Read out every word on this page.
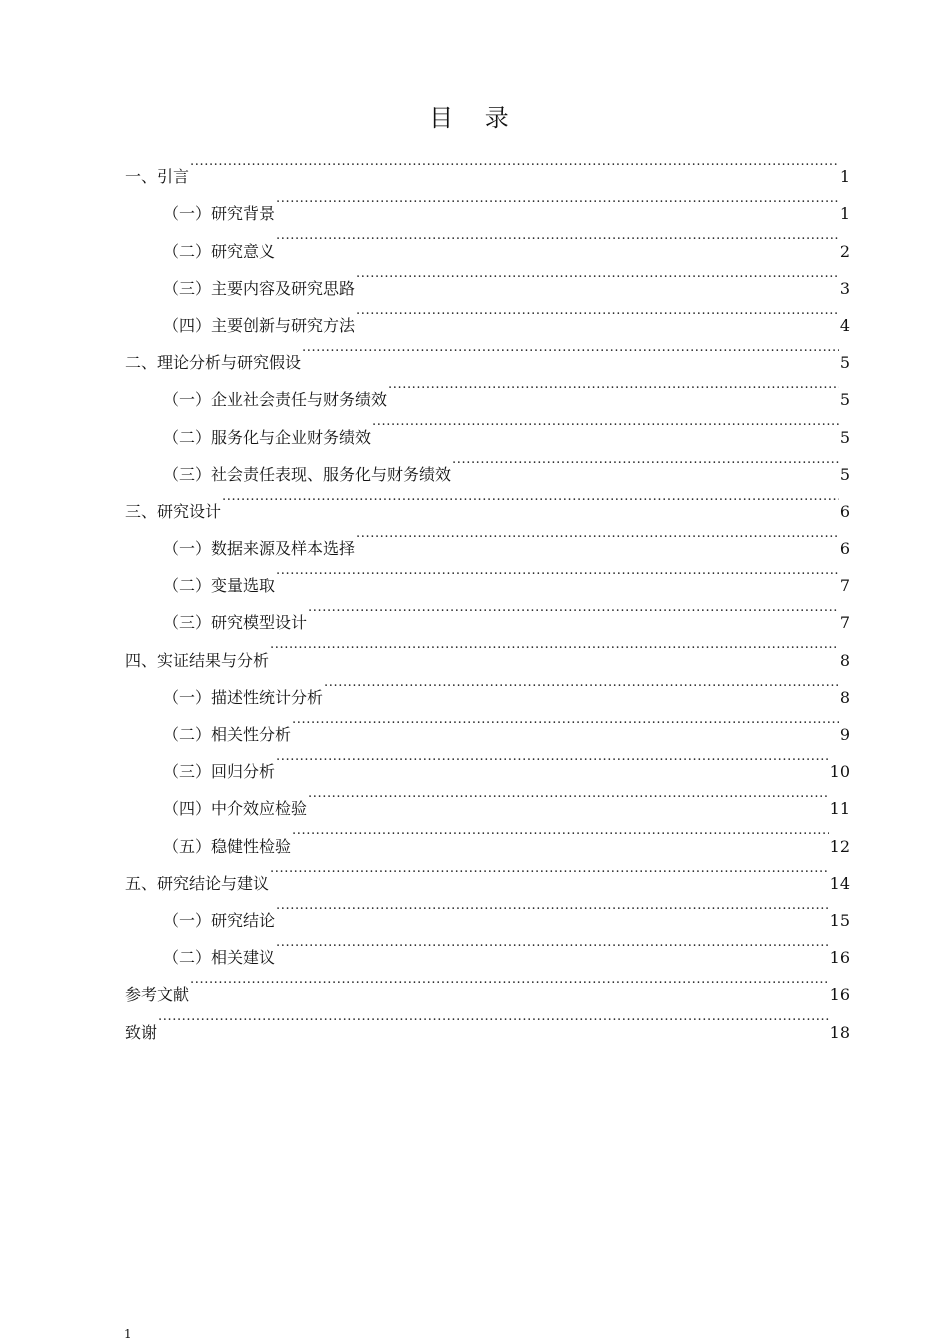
目 录
一、引言 .....	1
（一）研究背景 .....	1
（二）研究意义 .....	2
（三）主要内容及研究思路 .....	3
（四）主要创新与研究方法 .....	4
二、理论分析与研究假设 .....	5
（一）企业社会责任与财务绩效 .....	5
（二）服务化与企业财务绩效 .....	5
（三）社会责任表现、服务化与财务绩效 .....	5
三、研究设计 .....	6
（一）数据来源及样本选择 .....	6
（二）变量选取 .....	7
（三）研究模型设计 .....	7
四、实证结果与分析 .....	8
（一）描述性统计分析 .....	8
（二）相关性分析 .....	9
（三）回归分析 .....	10
（四）中介效应检验 .....	11
（五）稳健性检验 .....	12
五、研究结论与建议 .....	14
（一）研究结论 .....	15
（二）相关建议 .....	16
参考文献 .....	16
致谢 .....	18
1
